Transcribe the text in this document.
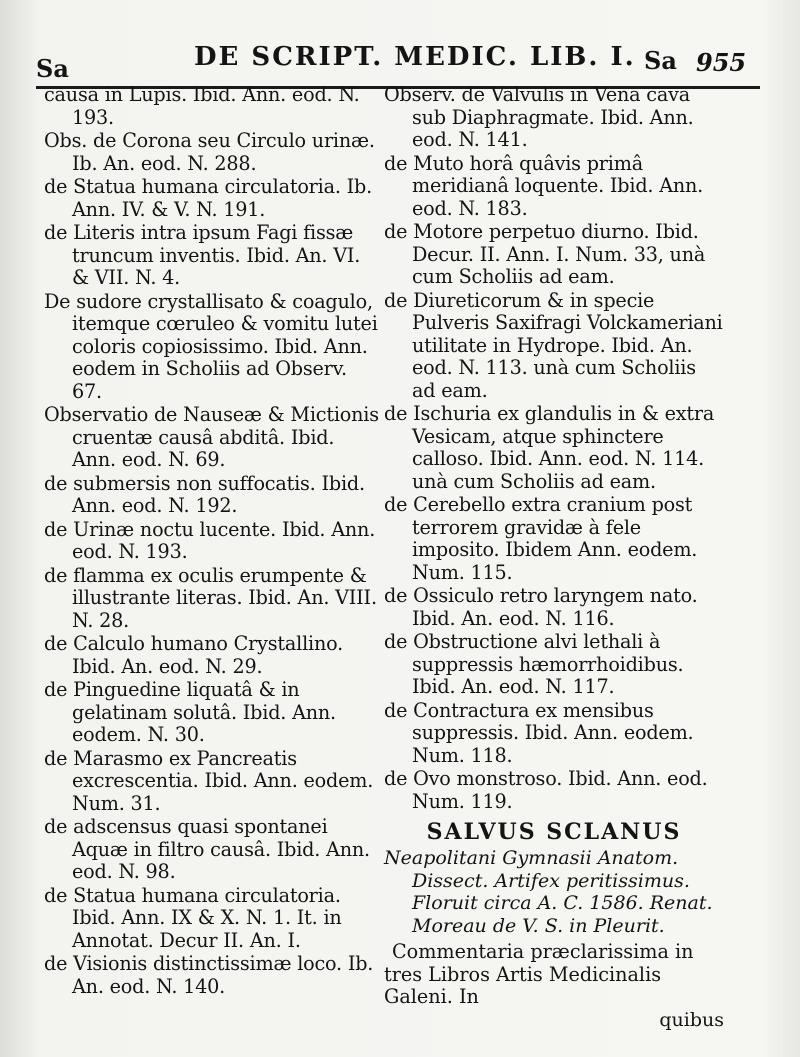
Sa	DE SCRIPT. MEDIC. LIB. I. Sa 955

causa in Lupis. Ibid. Ann. eod. N. 193.

Obs. de Corona seu Circulo urinæ. Ib. An. eod. N. 288.

de Statua humana circulatoria. Ib. Ann. IV. & V. N. 191.

de Literis intra ipsum Fagi fissæ truncum inventis. Ibid. An. VI. & VII. N. 4.

De sudore crystallisato & coagulo, itemque cœruleo & vomitu lutei coloris copiosissimo. Ibid. Ann. eodem in Scholiis ad Observ. 67.

Observatio de Nauseæ & Mictionis cruentæ causâ abditâ. Ibid. Ann. eod. N. 69.

de submersis non suffocatis. Ibid. Ann. eod. N. 192.

de Urinæ noctu lucente. Ibid. Ann. eod. N. 193.

de flamma ex oculis erumpente & illustrante literas. Ibid. An. VIII. N. 28.

de Calculo humano Crystallino. Ibid. An. eod. N. 29.

de Pinguedine liquatâ & in gelatinam solutâ. Ibid. Ann. eodem. N. 30.

de Marasmo ex Pancreatis excrescentia. Ibid. Ann. eodem. Num. 31.

de adscensus quasi spontanei Aquæ in filtro causâ. Ibid. Ann. eod. N. 98.

de Statua humana circulatoria. Ibid. Ann. IX & X. N. 1. It. in Annotat. Decur II. An. I.

de Visionis distinctissimæ loco. Ib. An. eod. N. 140.

Observ. de Valvulis in Vena cava sub Diaphragmate. Ibid. Ann. eod. N. 141.

de Muto horâ quâvis primâ meridianâ loquente. Ibid. Ann. eod. N. 183.

de Motore perpetuo diurno. Ibid. Decur. II. Ann. I. Num. 33, unà cum Scholiis ad eam.

de Diureticorum & in specie Pulveris Saxifragi Volckameriani utilitate in Hydrope. Ibid. An. eod. N. 113. unà cum Scholiis ad eam.

de Ischuria ex glandulis in & extra Vesicam, atque sphinctere calloso. Ibid. Ann. eod. N. 114. unà cum Scholiis ad eam.

de Cerebello extra cranium post terrorem gravidæ à fele imposito. Ibidem Ann. eodem. Num. 115.

de Ossiculo retro laryngem nato. Ibid. An. eod. N. 116.

de Obstructione alvi lethali à suppressis hæmorrhoidibus. Ibid. An. eod. N. 117.

de Contractura ex mensibus suppressis. Ibid. Ann. eodem. Num. 118.

de Ovo monstroso. Ibid. Ann. eod. Num. 119.

SALVUS SCLANUS

Neapolitani Gymnasii Anatom. Dissect. Artifex peritissimus. Floruit circa A. C. 1586. Renat. Moreau de V. S. in Pleurit.

Commentaria præclarissima in tres Libros Artis Medicinalis Galeni. In

quibus
